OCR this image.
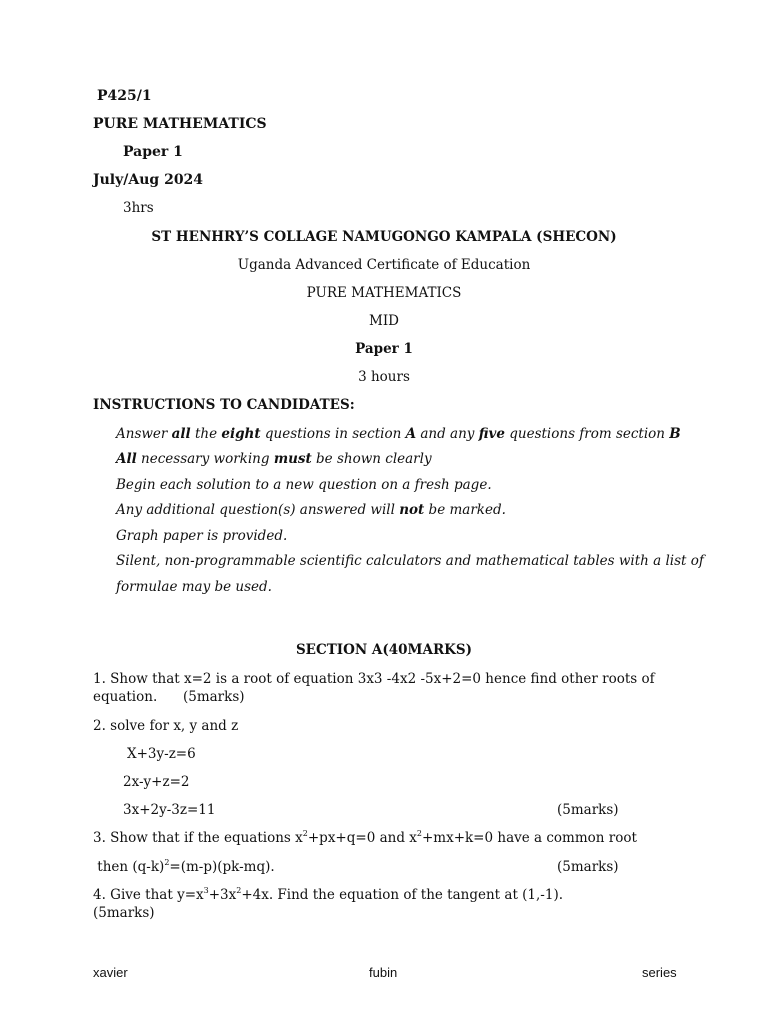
P425/1
PURE MATHEMATICS
Paper 1
July/Aug 2024
3hrs
ST HENHRY’S COLLAGE NAMUGONGO KAMPALA (SHECON)
Uganda Advanced Certificate of Education
PURE MATHEMATICS
MID
Paper 1
3 hours
INSTRUCTIONS TO CANDIDATES:
Answer all the eight questions in section A and any five questions from section B
All necessary working must be shown clearly
Begin each solution to a new question on a fresh page.
Any additional question(s) answered will not be marked.
Graph paper is provided.
Silent, non-programmable scientific calculators and mathematical tables with a list of
formulae may be used.
SECTION A(40MARKS)
1. Show that x=2 is a root of equation 3x3 -4x2 -5x+2=0 hence find other roots of
equation.      (5marks)
2. solve for x, y and z
X+3y-z=6
2x-y+z=2
3x+2y-3z=11	(5marks)
3. Show that if the equations $x^2+px+q=0$ and $x^2+mx+k=0$ have a common root
then $(q-k)^2=(m-p)(pk-mq)$.	(5marks)
4. Give that $y=x^3+3x^2+4x$. Find the equation of the tangent at (1,-1).
(5marks)
xavier	fubin	series
